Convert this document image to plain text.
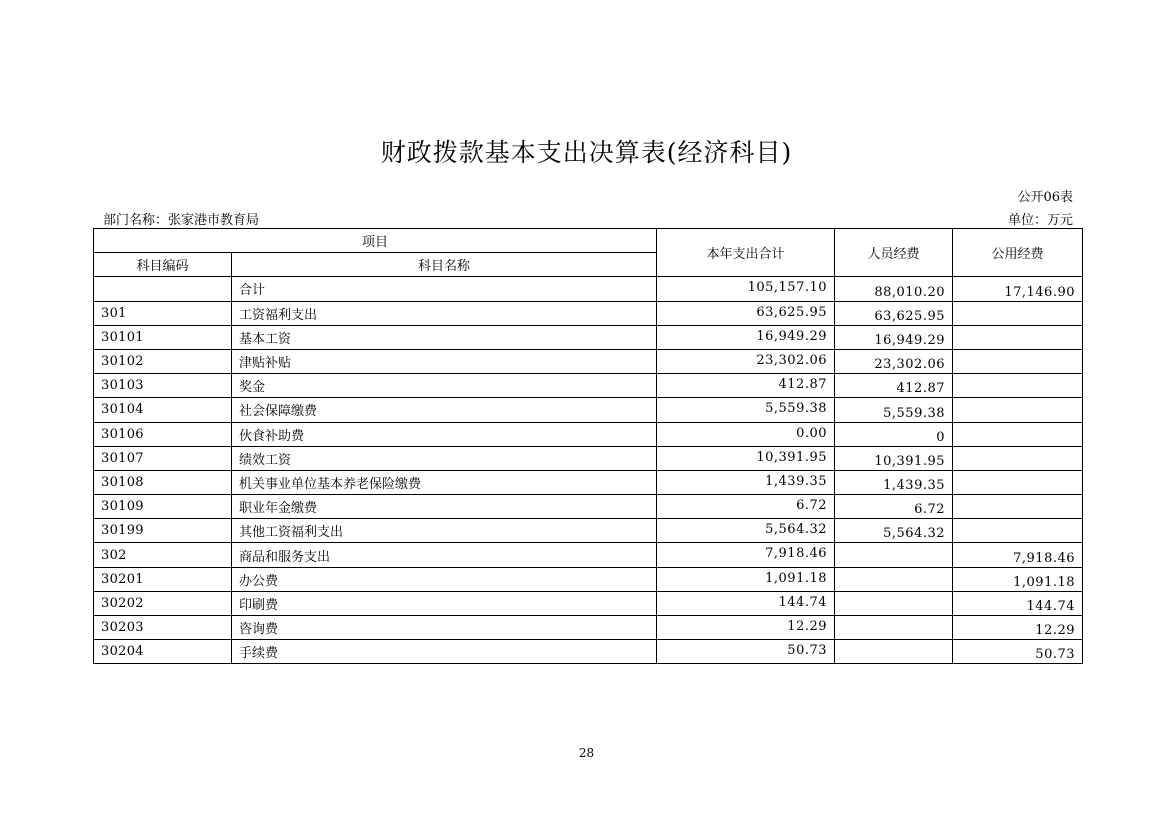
财政拨款基本支出决算表(经济科目)
公开06表
部门名称：张家港市教育局	单位：万元
项目		本年支出合计	人员经费	公用经费
科目编码	科目名称			
	合计	105,157.10	88,010.20	17,146.90
301	工资福利支出	63,625.95	63,625.95	
30101	基本工资	16,949.29	16,949.29	
30102	津贴补贴	23,302.06	23,302.06	
30103	奖金	412.87	412.87	
30104	社会保障缴费	5,559.38	5,559.38	
30106	伙食补助费	0.00	0	
30107	绩效工资	10,391.95	10,391.95	
30108	机关事业单位基本养老保险缴费	1,439.35	1,439.35	
30109	职业年金缴费	6.72	6.72	
30199	其他工资福利支出	5,564.32	5,564.32	
302	商品和服务支出	7,918.46		7,918.46
30201	办公费	1,091.18		1,091.18
30202	印刷费	144.74		144.74
30203	咨询费	12.29		12.29
30204	手续费	50.73		50.73
28
